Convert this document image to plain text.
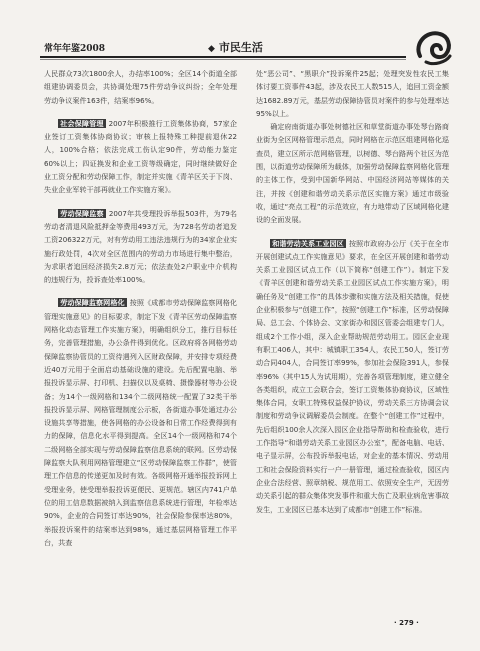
常年年鉴2008	◆ 市民生活

人民群众73次1800余人，办结率100%；全区14个街道全部组建协调委员会，共协调处理75件劳动争议纠纷；全年处理劳动争议案件163件，结案率96%。

社会保障管理 2007年积极推行工资集体协商，57家企业签订工资集体协商协议；审核上报特殊工种提前退休22人，100%合格；依法完成工伤认定90件，劳动能力鉴定60%以上；四证换发和企业工资等级确定，同时继续做好企业工资分配和劳动保障工作，制定并实施《青羊区关于下岗、失业企业军转干部再就业工作实施方案》。

劳动保障监察 2007年共受理投诉举报503件，为79名劳动者清退风险抵押金等费用493万元，为728名劳动者追发工资206322万元，对有劳动用工违法违规行为的34家企业实施行政处罚，4次对全区范围内的劳动力市场进行集中整治，为求职者追回经济损失2.8万元；依法查处2户职业中介机构的违规行为，投诉查处率100%。

劳动保障监察网格化 按照《成都市劳动保障监察网格化管理实施意见》的目标要求，制定下发《青羊区劳动保障监察网格化动态管理工作实施方案》，明确组织分工，推行目标任务，完善管理措施，办公条件得到优化。区政府将各网格劳动保障监察协管员的工资待遇列入区财政保障，并安排专项经费近40万元用于全面启动基础设施的建设。先后配置电脑、举报投诉显示屏、打印机、扫描仪以及桌椅、摄像器材等办公设备；为14个一级网格和134个二级网格统一配置了32类干举报投诉显示屏、网格管理制度公示板，各街道办事处通过办公设施共享等措施，使各网格的办公设备和日常工作经费得到有力的保障，信息化水平得到提高。全区14个一级网格和74个二级网格全部实现与劳动保障监察信息系统的联网。区劳动保障监察大队利用网格管理建立“区劳动保障监察工作群”，使管理工作信息的传递更加及时有效。各级网格开通举报投诉网上受理业务，使受理举报投诉更便民、更规范。辖区内741户单位的用工信息数据被纳入到监察信息系统进行管理，年检率达90%，企业的合同签订率达90%，社会保险参保率达80%，举报投诉案件的结案率达到98%，通过基层网格管理工作平台，共查

处“恶公司”、“黑职介”投诉案件25起；处理突发性农民工集体讨要工资事件43起，涉及农民工人数515人，追回工资金额达1682.89万元，基层劳动保障协管员对案件的参与处理率达95%以上。

确定府南街道办事处树德社区和草堂街道办事处琴台路商业街为全区网格管理示范点，同时网格在示范区组建网格化巡查员，建立区所示范网格管理，以树德、琴台路两个社区为范围，以街道劳动保障所为载体，加强劳动保障监察网格化管理的主体工作，受到中国新华网站、中国经济网站等媒体的关注，并按《创建和谐劳动关系示范区实施方案》通过市级验收，通过“亮点工程”的示范效应，有力地带动了区域网格化建设的全面发展。

和谐劳动关系工业园区 按照市政府办公厅《关于在全市开展创建试点工作实施意见》要求，在全区开展创建和谐劳动关系工业园区试点工作（以下简称“创建工作”）。制定下发《青羊区创建和谐劳动关系工业园区试点工作实施方案》，明确任务及“创建工作”的具体步骤和实施方法及相关措施，促使企业积极参与“创建工作”，按照“创建工作”标准，区劳动保障局、总工会、个体协会、文家街办和园区管委会组建专门人，组成2个工作小组，深入企业帮助规范劳动用工。园区企业现有职工406人，其中：城镇职工354人，农民工50人，签订劳动合同404人，合同签订率99%，参加社会保险391人，参保率96%（其中15人为试用期），完善各项管理制度，建立健全各类组织，成立工会联合会，签订工资集体协商协议，区域性集体合同，女职工特殊权益保护协议，劳动关系三方协调会议制度和劳动争议调解委员会制度。在整个“创建工作”过程中，先后组织100余人次深入园区企业指导帮助和检查验收，进行工作指导“和谐劳动关系工业园区办公室”，配备电脑、电话、电子显示屏，公布投诉举报电话，对企业的基本情况、劳动用工和社会保险资料实行一户一册管理，通过检查验收，园区内企业合法经营、照章纳税、规范用工、依照安全生产，无因劳动关系引起的群众集体突发事件和重大伤亡及职业病危害事故发生，工业园区已基本达到了成都市“创建工作”标准。

· 279 ·
